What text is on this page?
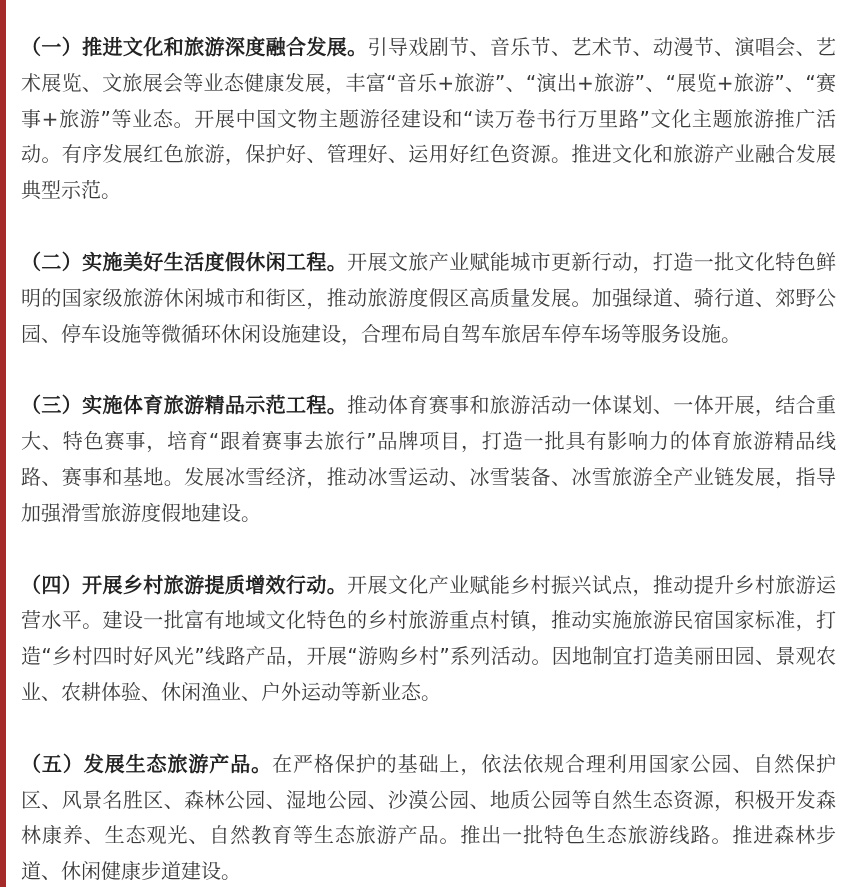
（一）推进文化和旅游深度融合发展。引导戏剧节、音乐节、艺术节、动漫节、演唱会、艺术展览、文旅展会等业态健康发展，丰富“音乐+旅游”、“演出+旅游”、“展览+旅游”、“赛事+旅游”等业态。开展中国文物主题游径建设和“读万卷书行万里路”文化主题旅游推广活动。有序发展红色旅游，保护好、管理好、运用好红色资源。推进文化和旅游产业融合发展典型示范。

（二）实施美好生活度假休闲工程。开展文旅产业赋能城市更新行动，打造一批文化特色鲜明的国家级旅游休闲城市和街区，推动旅游度假区高质量发展。加强绿道、骑行道、郊野公园、停车设施等微循环休闲设施建设，合理布局自驾车旅居车停车场等服务设施。

（三）实施体育旅游精品示范工程。推动体育赛事和旅游活动一体谋划、一体开展，结合重大、特色赛事，培育“跟着赛事去旅行”品牌项目，打造一批具有影响力的体育旅游精品线路、赛事和基地。发展冰雪经济，推动冰雪运动、冰雪装备、冰雪旅游全产业链发展，指导加强滑雪旅游度假地建设。

（四）开展乡村旅游提质增效行动。开展文化产业赋能乡村振兴试点，推动提升乡村旅游运营水平。建设一批富有地域文化特色的乡村旅游重点村镇，推动实施旅游民宿国家标准，打造“乡村四时好风光”线路产品，开展“游购乡村”系列活动。因地制宜打造美丽田园、景观农业、农耕体验、休闲渔业、户外运动等新业态。

（五）发展生态旅游产品。在严格保护的基础上，依法依规合理利用国家公园、自然保护区、风景名胜区、森林公园、湿地公园、沙漠公园、地质公园等自然生态资源，积极开发森林康养、生态观光、自然教育等生态旅游产品。推出一批特色生态旅游线路。推进森林步道、休闲健康步道建设。
